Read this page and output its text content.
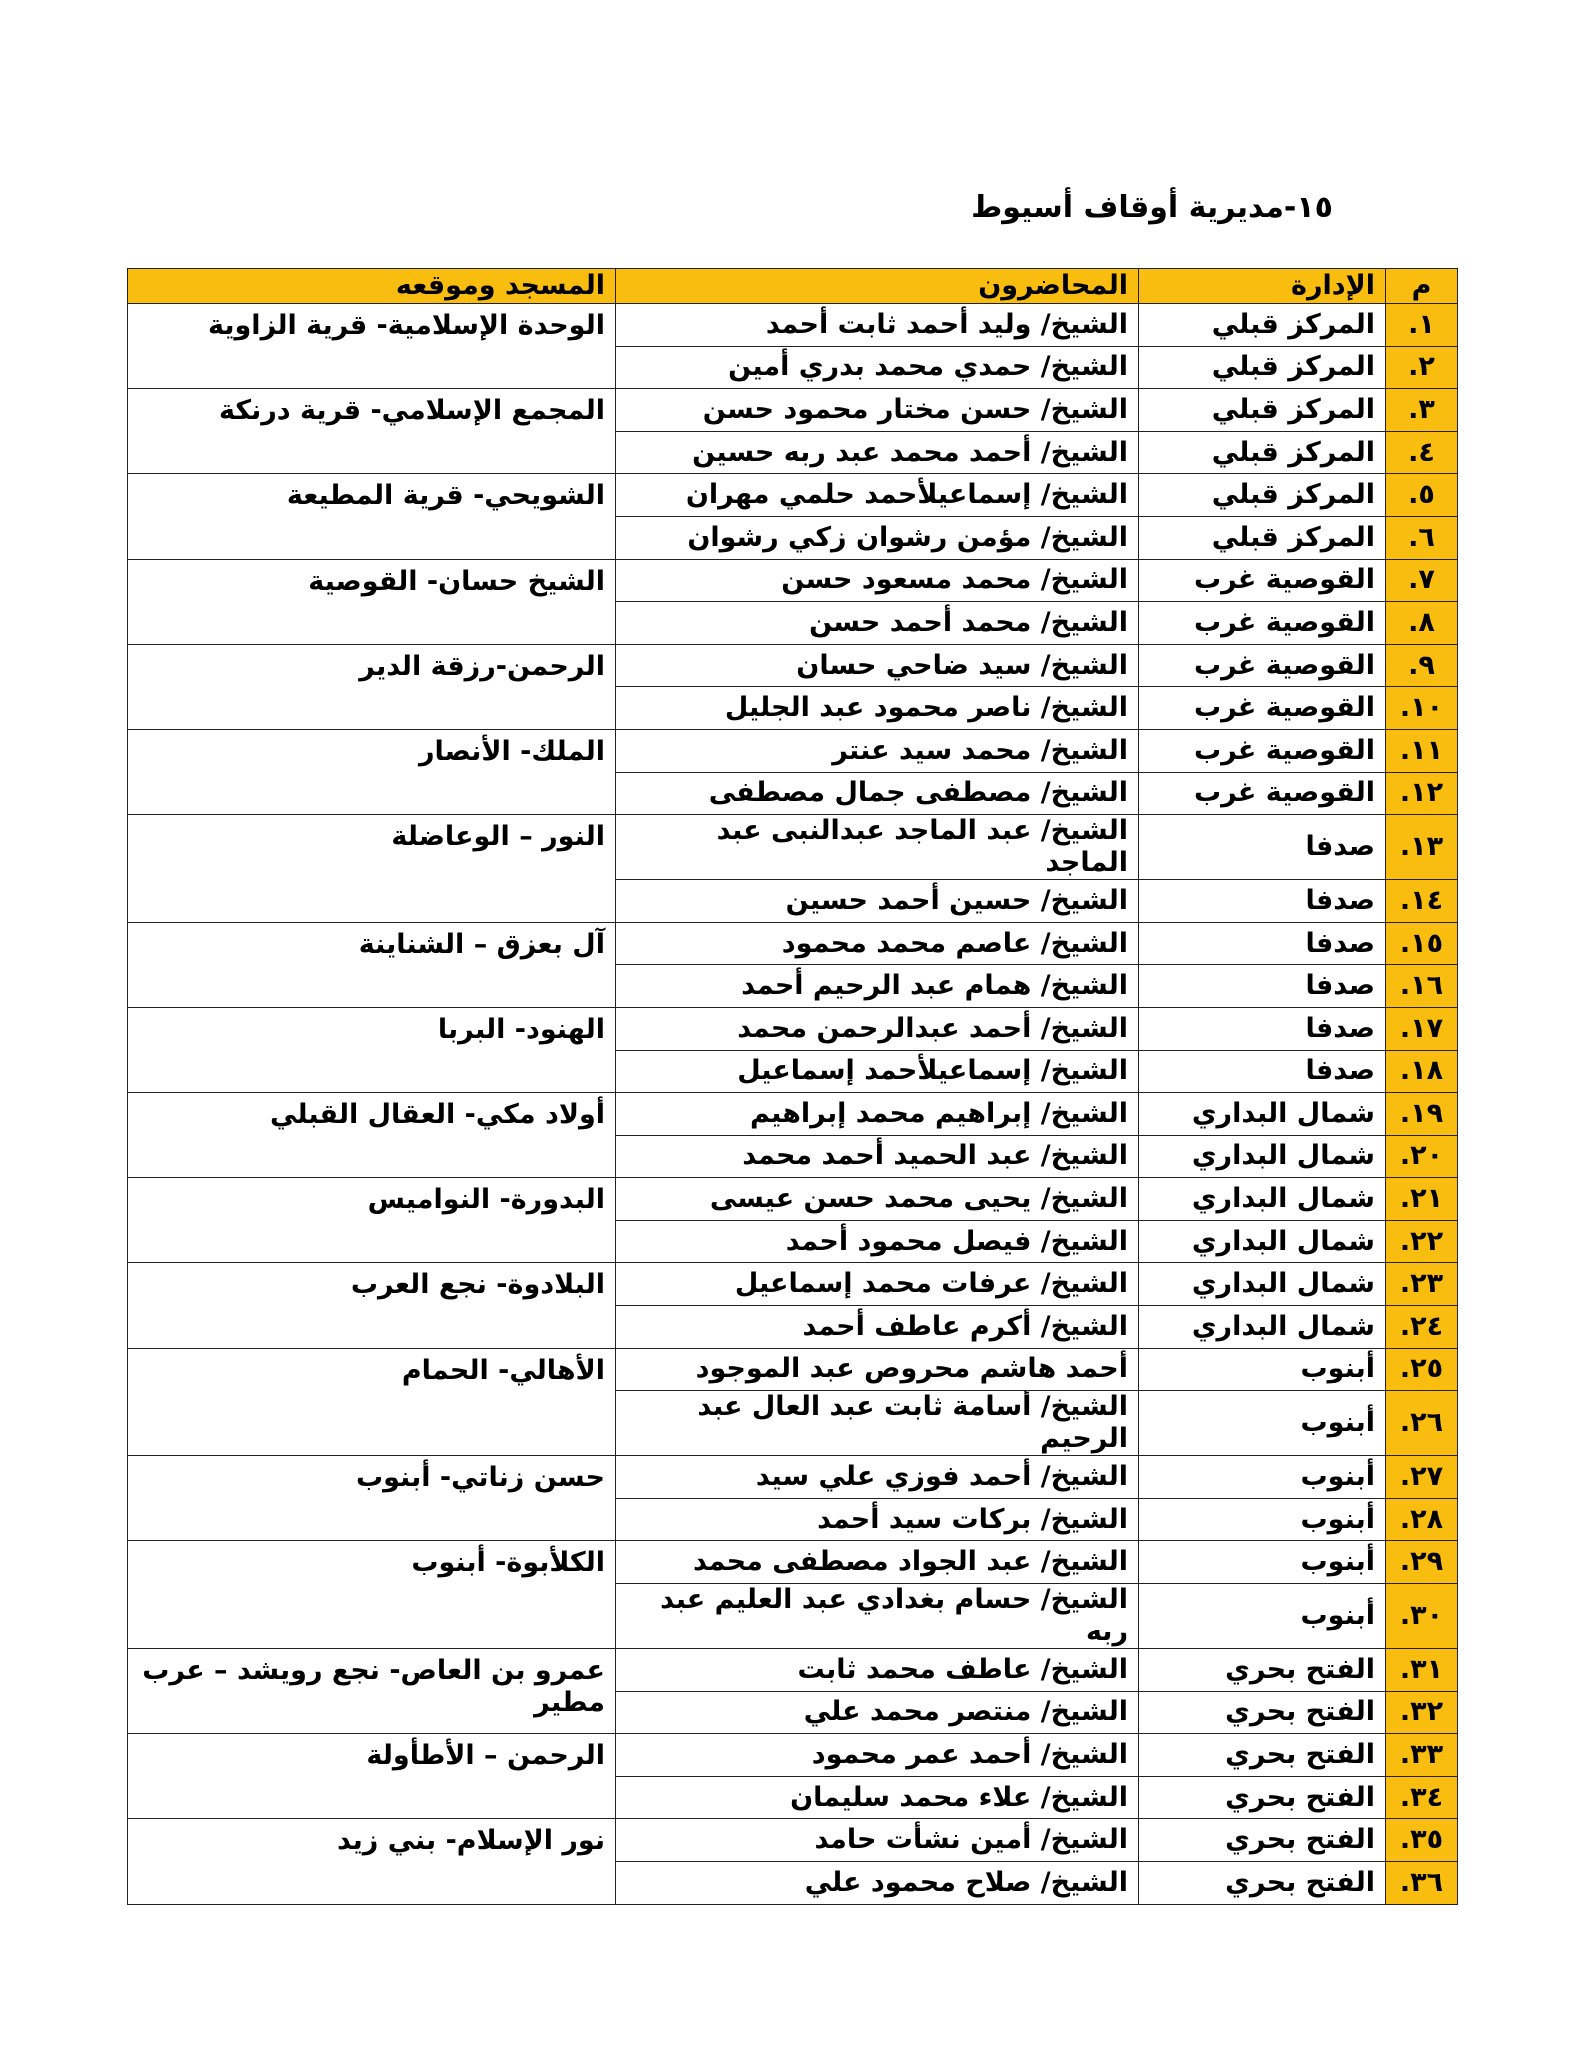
١٥-مديرية أوقاف أسيوط
م	الإدارة	المحاضرون	المسجد وموقعه
١.	المركز قبلي	الشيخ/ وليد أحمد ثابت أحمد	الوحدة الإسلامية- قرية الزاوية
٢.	المركز قبلي	الشيخ/ حمدي محمد بدري أمين	
٣.	المركز قبلي	الشيخ/ حسن مختار محمود حسن	المجمع الإسلامي- قرية درنكة
٤.	المركز قبلي	الشيخ/ أحمد محمد عبد ربه حسين	
٥.	المركز قبلي	الشيخ/ إسماعيلأحمد حلمي مهران	الشويحي- قرية المطيعة
٦.	المركز قبلي	الشيخ/ مؤمن رشوان زكي رشوان	
٧.	القوصية غرب	الشيخ/ محمد مسعود حسن	الشيخ حسان- القوصية
٨.	القوصية غرب	الشيخ/ محمد أحمد حسن	
٩.	القوصية غرب	الشيخ/ سيد ضاحي حسان	الرحمن-رزقة الدير
١٠.	القوصية غرب	الشيخ/ ناصر محمود عبد الجليل	
١١.	القوصية غرب	الشيخ/ محمد سيد عنتر	الملك- الأنصار
١٢.	القوصية غرب	الشيخ/ مصطفى جمال مصطفى	
١٣.	صدفا	الشيخ/ عبد الماجد عبدالنبى عبد الماجد	النور – الوعاضلة
١٤.	صدفا	الشيخ/ حسين أحمد حسين	
١٥.	صدفا	الشيخ/ عاصم محمد محمود	آل بعزق – الشناينة
١٦.	صدفا	الشيخ/ همام عبد الرحيم أحمد	
١٧.	صدفا	الشيخ/ أحمد عبدالرحمن محمد	الهنود- البربا
١٨.	صدفا	الشيخ/ إسماعيلأحمد إسماعيل	
١٩.	شمال البداري	الشيخ/ إبراهيم محمد إبراهيم	أولاد مكي- العقال القبلي
٢٠.	شمال البداري	الشيخ/ عبد الحميد أحمد محمد	
٢١.	شمال البداري	الشيخ/ يحيى محمد حسن عيسى	البدورة- النواميس
٢٢.	شمال البداري	الشيخ/ فيصل محمود أحمد	
٢٣.	شمال البداري	الشيخ/ عرفات محمد إسماعيل	البلادوة- نجع العرب
٢٤.	شمال البداري	الشيخ/ أكرم عاطف أحمد	
٢٥.	أبنوب	أحمد هاشم محروص عبد الموجود	الأهالي- الحمام
٢٦.	أبنوب	الشيخ/ أسامة ثابت عبد العال عبد الرحيم	
٢٧.	أبنوب	الشيخ/ أحمد فوزي علي سيد	حسن زناتي- أبنوب
٢٨.	أبنوب	الشيخ/ بركات سيد أحمد	
٢٩.	أبنوب	الشيخ/ عبد الجواد مصطفى محمد	الكلأبوة- أبنوب
٣٠.	أبنوب	الشيخ/ حسام بغدادي عبد العليم عبد ربه	
٣١.	الفتح بحري	الشيخ/ عاطف محمد ثابت	عمرو بن العاص- نجع رويشد – عرب مطير
٣٢.	الفتح بحري	الشيخ/ منتصر محمد علي	
٣٣.	الفتح بحري	الشيخ/ أحمد عمر محمود	الرحمن – الأطأولة
٣٤.	الفتح بحري	الشيخ/ علاء محمد سليمان	
٣٥.	الفتح بحري	الشيخ/ أمين نشأت حامد	نور الإسلام- بني زيد
٣٦.	الفتح بحري	الشيخ/ صلاح محمود علي	
